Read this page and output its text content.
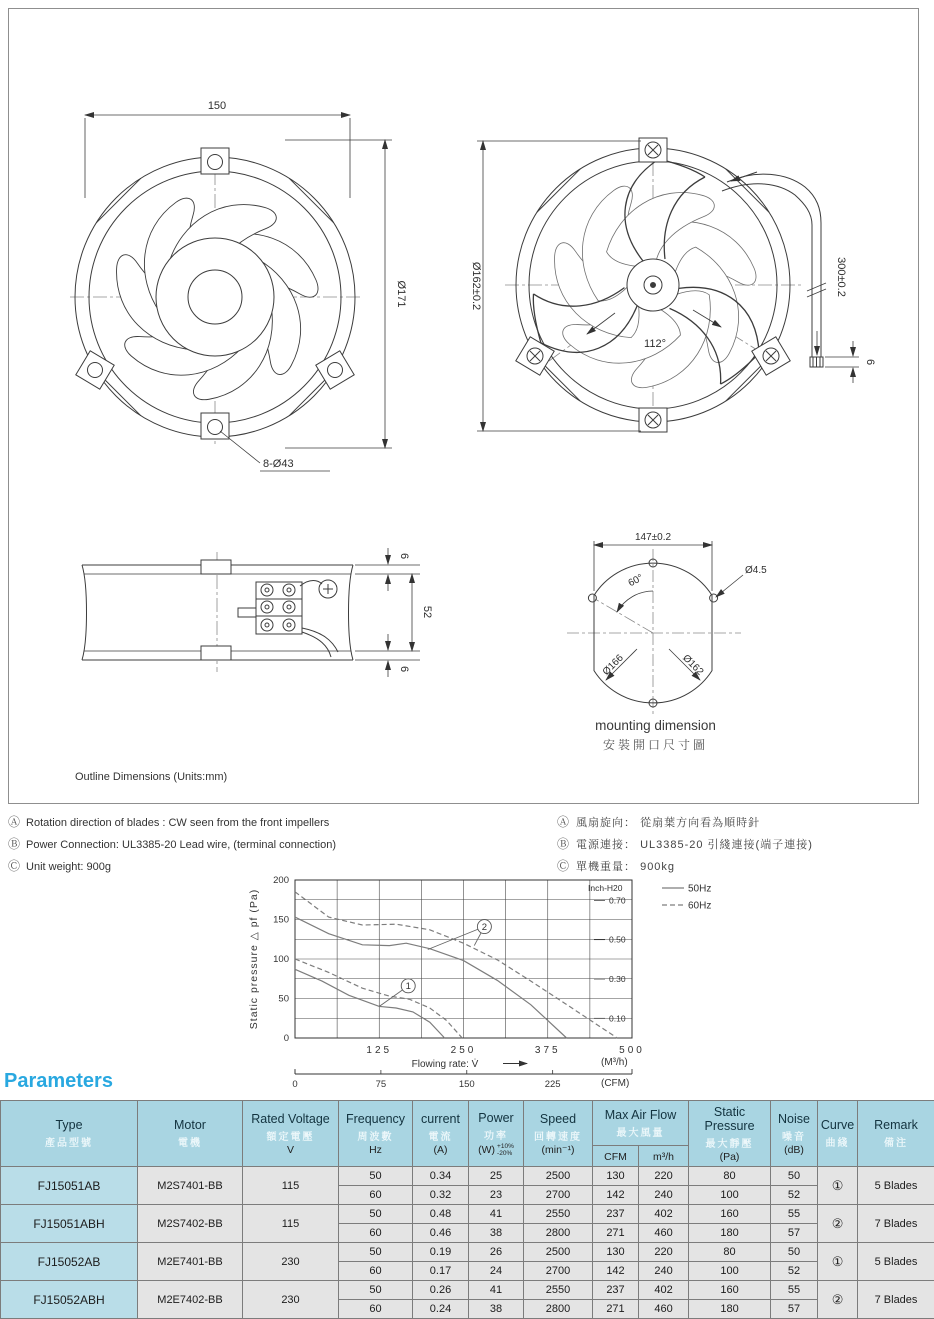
150
Ø171
8-Ø43
Ø162±0.2	300±0.2
6
112°
6
52
6
147±0.2
Ø4.5
60°
Ø166	Ø162
mounting dimension
安裝開口尺寸圖
Outline Dimensions (Units:mm)
Ⓐ Rotation direction of blades : CW seen from the front impellers
Ⓑ Power Connection: UL3385-20 Lead wire, (terminal connection)
Ⓒ Unit weight: 900g
Ⓐ 風扇旋向： 從扇葉方向看為順時針
Ⓑ 電源連接： UL3385-20 引綫連接(端子連接)
Ⓒ 單機重量： 900kg
1
2
0
50
100
150
200
125	250	375	500
Inch-H20
0.70
0.50
0.30
0.10
Static pressure △ pf (Pa)
Flowing rate: V̇	(M³/h)
0	75	150	225	(CFM)
50Hz
60Hz
Parameters
Type
產品型號

Motor
電機

Rated Voltage
額定電壓
V

Frequency
周波數
Hz

current
電流
(A)

Power
功率
(W) +10%
-20%

Speed
回轉速度
(min⁻¹)

Max Air Flow
最大風量

Static Pressure
最大靜壓
(Pa)

Noise
噪音
(dB)

Curve
曲綫

Remark
備注

							CFM	m³/h				

FJ15051AB	M2S7401-BB	115	50	0.34	25	2500	130	220	80	50	①	5 Blades
			60	0.32	23	2700	142	240	100	52		
FJ15051ABH	M2S7402-BB	115	50	0.48	41	2550	237	402	160	55	②	7 Blades
			60	0.46	38	2800	271	460	180	57		
FJ15052AB	M2E7401-BB	230	50	0.19	26	2500	130	220	80	50	①	5 Blades
			60	0.17	24	2700	142	240	100	52		
FJ15052ABH	M2E7402-BB	230	50	0.26	41	2550	237	402	160	55	②	7 Blades
			60	0.24	38	2800	271	460	180	57		
